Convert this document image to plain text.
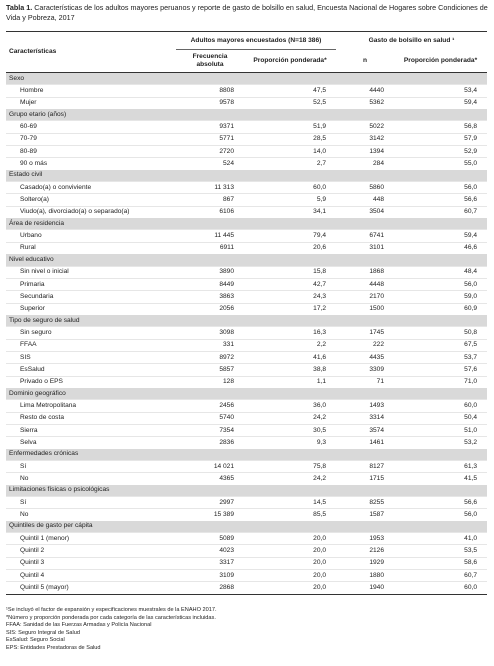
Tabla 1. Características de los adultos mayores peruanos y reporte de gasto de bolsillo en salud, Encuesta Nacional de Hogares sobre Condiciones de Vida y Pobreza, 2017
Características	Adultos mayores encuestados (N=18 386)		Gasto de bolsillo en salud ¹	
	Frecuencia absoluta	Proporción ponderada*	n	Proporción ponderada*
Sexo				
Hombre	8808	47,5	4440	53,4
Mujer	9578	52,5	5362	59,4
Grupo etario (años)				
60-69	9371	51,9	5022	56,8
70-79	5771	28,5	3142	57,9
80-89	2720	14,0	1394	52,9
90 o más	524	2,7	284	55,0
Estado civil				
Casado(a) o conviviente	11 313	60,0	5860	56,0
Soltero(a)	867	5,9	448	56,6
Viudo(a), divorciado(a) o separado(a)	6106	34,1	3504	60,7
Área de residencia				
Urbano	11 445	79,4	6741	59,4
Rural	6911	20,6	3101	46,6
Nivel educativo				
Sin nivel o inicial	3890	15,8	1868	48,4
Primaria	8449	42,7	4448	56,0
Secundaria	3863	24,3	2170	59,0
Superior	2056	17,2	1500	60,9
Tipo de seguro de salud				
Sin seguro	3098	16,3	1745	50,8
FFAA	331	2,2	222	67,5
SIS	8972	41,6	4435	53,7
EsSalud	5857	38,8	3309	57,6
Privado o EPS	128	1,1	71	71,0
Dominio geográfico				
Lima Metropolitana	2456	36,0	1493	60,0
Resto de costa	5740	24,2	3314	50,4
Sierra	7354	30,5	3574	51,0
Selva	2836	9,3	1461	53,2
Enfermedades crónicas				
Sí	14 021	75,8	8127	61,3
No	4365	24,2	1715	41,5
Limitaciones físicas o psicológicas				
Sí	2997	14,5	8255	56,6
No	15 389	85,5	1587	56,0
Quintiles de gasto per cápita				
Quintil 1 (menor)	5089	20,0	1953	41,0
Quintil 2	4023	20,0	2126	53,5
Quintil 3	3317	20,0	1929	58,6
Quintil 4	3109	20,0	1880	60,7
Quintil 5 (mayor)	2868	20,0	1940	60,0
¹Se incluyó el factor de expansión y especificaciones muestrales de la ENAHO 2017.
*Número y proporción ponderada por cada categoría de las características incluidas.
FFAA: Sanidad de las Fuerzas Armadas y Policía Nacional
SIS: Seguro Integral de Salud
EsSalud: Seguro Social
EPS: Entidades Prestadoras de Salud
